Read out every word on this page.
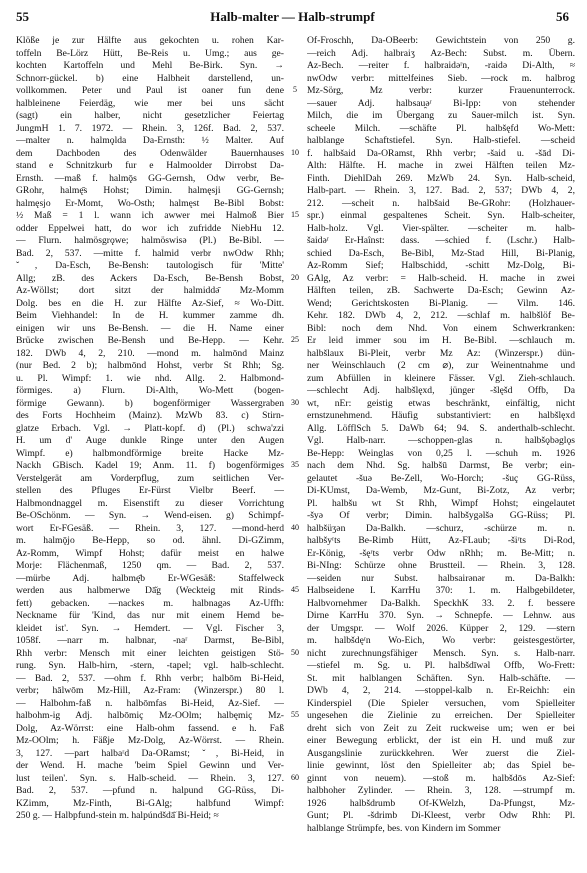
55	Halb-malter — Halb-strumpf	56
Klöße je zur Hälfte aus gekochten u. rohen Kar-
toffeln Be-Lörz Hütt, Be-Reis u. Umg.; aus ge-
kochten Kartoffeln und Mehl Be-Birk. Syn. →
Schnorr-gückel. b) eine Halbheit darstellend, un-
vollkommen. Peter und Paul ist oaner fun dene
halbleinene Feierdäg, wie mer bei uns sächt
(sagt) ein halber, nicht gesetzlicher Feiertag
JungmH 1. 7. 1972. — Rhein. 3, 126f. Bad. 2, 537.
—malter n. halmǫlda Da-Ernsth: ½ Malter. Auf
dem Dachboden des Odenwälder Bauernhauses
stand e Schnitzkurb fur e Halmoolder Dirrobst Da-
Ernsth. —maß f. halmǭs GG-Gernsh, Odw verbr, Be-
GRohr, halmę̄s Hohst; Dimin. halmęsji GG-Gernsh;
halmęsjo Er-Momt, Wo-Osth; halmęst Be-Bibl Bobst:
½ Maß = 1 l. wann ich awwer mei Halmoß Bier
odder Eppelwei hatt, do wor ich zufridde NiebHu 12.
— Flurn. halmösgrǫwe; halmöswisə (Pl.) Be-Bibl. —
Bad. 2, 537. —mitte f. halmid verbr nwOdw Rhh;
ˇ‚ Da-Esch, Be-Bensh: tautologisch für 'Mitte'
Allg; zB. des Ackers Da-Esch, Be-Bensh Bobst,
Az-Wöllst; dort sitzt der halmiddə̄ Mz-Momm
Dolg. bes en die H. zur Hälfte Az-Sief, ≈ Wo-Ditt.
Beim Viehhandel: In de H. kummer zamme dh.
einigen wir uns Be-Bensh. — die H. Name einer
Brücke zwischen Be-Bensh und Be-Hepp. — Kehr.
182. DWb 4, 2, 210. —mond m. halmōnd Mainz
(nur Bed. 2 b); halbmōnd Hohst, verbr St Rhh; Sg.
u. Pl. Wimpf: 1. wie nhd. Allg. 2. Halbmond-
förmiges. a) Flurn. Di-Alth, Wo-Mett (bogen-
förmige Gewann). b) bogenförmiger Wassergraben
des Forts Hochheim (Mainz). MzWb 83. c) Stirn-
glatze Erbach. Vgl. → Platt-kopf. d) (Pl.) schwa'zzi
H. um d' Auge dunkle Ringe unter den Augen
Wimpf. e) halbmondförmige breite Hacke Mz-
Nackh GBisch. Kadel 19; Anm. 11. f) bogenförmiges
Verstelgerät am Vorderpflug, zum seitlichen Ver-
stellen des Pfluges Er-Fürst Vielbr Beerf. —
Halbmondnaggel m. Eisenstift zu dieser Vorrichtung
Be-OSchönm. — Syn. → Wend-eisen. g) Schimpf-
wort Er-FGesäß. — Rhein. 3, 127. —mond-herd
m. halmǭjo Be-Hepp, so od. ähnl. Di-GZimm,
Az-Romm, Wimpf Hohst; dafür meist en halwe
Morje: Flächenmaß, 1250 qm. — Bad. 2, 537.
—mürbe Adj. halbmę̄b Er-WGesäß: Staffelweck
werden aus halbmerwe Dā̆g (Weckteig mit Rinds-
fett) gebacken. —nackes m. halbnagəs Az-Uffh:
Neckname für 'Kind, das nur mit einem Hemd be-
kleidet ist'. Syn. → Hemdert. — Vgl. Fischer 3,
1058f. —narr m. halbnar, -naʳ Darmst, Be-Bibl,
Rhh verbr: Mensch mit einer leichten geistigen Stö-
rung. Syn. Halb-hirn, -stern, -tapel; vgl. halb-schlecht.
— Bad. 2, 537. —ohm f. Rhh verbr; halbōm Bi-Heid,
verbr; hālwōm Mz-Hill, Az-Fram: (Winzerspr.) 80 l.
— Halbohm-faß n. halbōmfas Bi-Heid, Az-Sief. —
halbohm-ig Adj. halbōmiç Mz-OOlm; halbęmiç Mz-
Dolg, Az-Wörrst: eine Halb-ohm fassend. e h. Faß
Mz-OOlm; h. Fäßje Mz-Dolg, Az-Wörrst. — Rhein.
3, 127. —part halbaʳd Da-ORamst; ˇ‚ Bi-Heid, in
der Wend. H. mache 'beim Spiel Gewinn und Ver-
lust teilen'. Syn. s. Halb-scheid. — Rhein. 3, 127.
Bad. 2, 537. —pfund n. halpund GG-Rüss, Di-
KZimm, Mz-Finth, Bi-GAlg; halbfund Wimpf:
250 g. — Halbpfund-stein m. halpúndšdā̆ Bi-Heid; ≈
5
10
15
20
25
30
35
40
45
50
55
60
Of-Froschh, Da-OBeerb: Gewichtstein von 250 g.
—reich Adj. halbraiʒ Az-Bech: Subst. m. Übern.
Az-Bech. —reiter f. halbraidəʳn, -raidə Di-Alth, ≈
nwOdw verbr: mittelfeines Sieb. —rock m. halbrog
Mz-Sörg, Mz verbr: kurzer Frauenunterrock.
—sauer Adj. halbsau̯əʳ Bi-Ipp: von stehender
Milch, die im Übergang zu Sauer-milch ist. Syn.
scheele Milch. —schäfte Pl. halbšęfd Wo-Mett:
halblange Schaftstiefel. Syn. Halb-stiefel. —scheid
f. halbšaid Da-ORamst, Rhh verbr; -šaid u. -šād Di-
Alth: Hälfte. H. mache in zwei Hälften teilen Mz-
Finth. DiehlDah 269. MzWb 24. Syn. Halb-scheid,
Halb-part. — Rhein. 3, 127. Bad. 2, 537; DWb 4, 2,
212. —scheit n. halbšaid Be-GRohr: (Holzhauer-
spr.) einmal gespaltenes Scheit. Syn. Halb-scheiter,
Halb-holz. Vgl. Vier-spälter. —scheiter m. halb-
šaidəʳ Er-Haînst: dass. —schied f. (Lschr.) Halb-
schied Da-Esch, Be-Bibl, Mz-Stad Hill, Bi-Planig,
Az-Romm Sief; Halbschidd, -schitt Mz-Dolg, Bi-
GAlg, Az verbr: = Halb-scheid. H. mache in zwei
Hälften teilen, zB. Sachwerte Da-Esch; Gewinn Az-
Wend; Gerichtskosten Bi-Planig. — Vilm. 146.
Kehr. 182. DWb 4, 2, 212. —schlaf m. halbšlöf Be-
Bibl: noch dem Nhd. Von einem Schwerkranken:
Er leid immer sou im H. Be-Bibl. —schlauch m.
halbšlaux Bi-Pleit, verbr Mz Az: (Winzerspr.) dün-
ner Weinschlauch (2 cm ⌀), zur Weinentnahme und
zum Abfüllen in kleinere Fässer. Vgl. Zieh-schlauch.
—schlecht Adj. halbšlęxd, jünger -šlęšd Offb, Da
wt, nEr: geistig etwas beschränkt, einfältig, nicht
ernstzunehmend. Häufig substantiviert: en halbšlęxd
Allg. LöfflSch 5. DaWb 64; 94. S. anderthalb-schlecht.
Vgl. Halb-narr. —schoppen-glas n. halbšǫbəglǫs
Be-Hepp: Weinglas von 0,25 l. —schuh m. 1926
nach dem Nhd. Sg. halbšū Darmst, Be verbr; ein-
gelautet -šuə Be-Zell, Wo-Horch; -šuç GG-Rüss,
Di-KUmst, Da-Wemb, Mz-Gunt, Bi-Zotz, Az verbr;
Pl. halbšu wt St Rhh, Wimpf Hohst; eingelautet
-šyə Of verbr; Dimin. halbšygəlšə GG-Rüss; Pl.
halbšüʒən Da-Balkh. —schurz, -schürze m. n.
halbšyʳts Be-Rimb Hütt, Az-FLaub; -šiʳts Di-Rod,
Er-König, -šęʳts verbr Odw nRhh; m. Be-Mitt; n.
Bi-NIng: Schürze ohne Brustteil. — Rhein. 3, 128.
—seiden nur Subst. halbsairənər m. Da-Balkh:
Halbseidene I. KarrHu 370: 1. m. Halbgebildeter,
Halbvornehmer Da-Balkh. SpeckhK 33. 2. f. bessere
Dirne KarrHu 370. Syn. → Schnepfe. — Lehnw. aus
der Umgspr. — Wolf 2026. Küpper 2, 129. —stern
m. halbšdęʳn Wo-Eich, Wo verbr: geistesgestörter,
nicht zurechnungsfähiger Mensch. Syn. s. Halb-narr.
—stiefel m. Sg. u. Pl. halbšdīwəl Offb, Wo-Frett:
St. mit halblangen Schäften. Syn. Halb-schäfte. —
DWb 4, 2, 214. —stoppel-kalb n. Er-Reichh: ein
Kinderspiel (Die Spieler versuchen, vom Spielleiter
ungesehen die Zielinie zu erreichen. Der Spielleiter
dreht sich von Zeit zu Zeit ruckweise um; wen er bei
einer Bewegung erblickt, der ist ein H. und muß zur
Ausgangslinie zurückkehren. Wer zuerst die Ziel-
linie gewinnt, löst den Spielleiter ab; das Spiel be-
ginnt von neuem). —stoß m. halbšdōs Az-Sief:
halbhoher Zylinder. — Rhein. 3, 128. —strumpf m.
1926 halbšdrumb Of-KWelzh, Da-Pfungst, Mz-
Gunt; Pl. -šdrimb Di-Kleest, verbr Odw Rhh: Pl.
halblange Strümpfe, bes. von Kindern im Sommer
